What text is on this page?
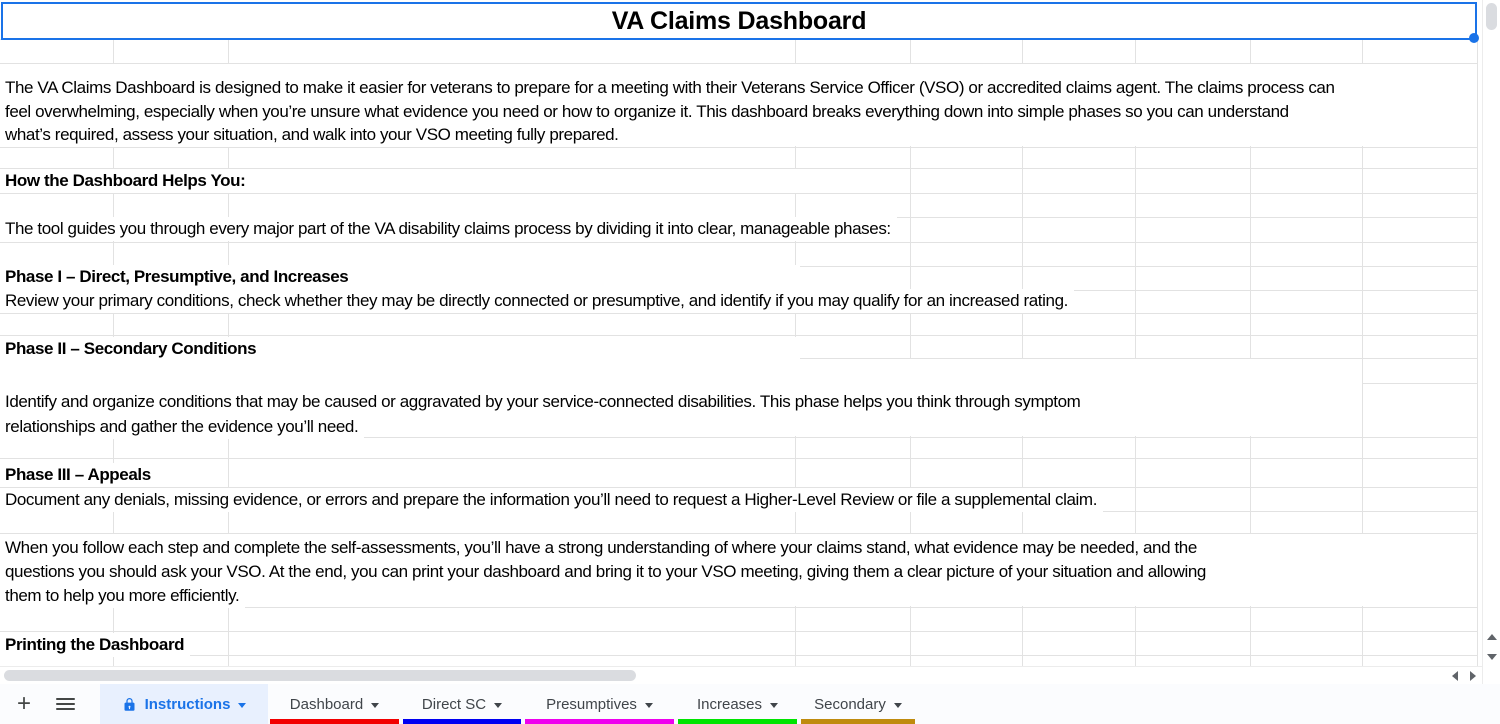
VA Claims Dashboard
The VA Claims Dashboard is designed to make it easier for veterans to prepare for a meeting with their Veterans Service Officer (VSO) or accredited claims agent. The claims process can
feel overwhelming, especially when you’re unsure what evidence you need or how to organize it. This dashboard breaks everything down into simple phases so you can understand
what’s required, assess your situation, and walk into your VSO meeting fully prepared.
How the Dashboard Helps You:
The tool guides you through every major part of the VA disability claims process by dividing it into clear, manageable phases:
Phase I – Direct, Presumptive, and Increases
Review your primary conditions, check whether they may be directly connected or presumptive, and identify if you may qualify for an increased rating.
Phase II – Secondary Conditions
Identify and organize conditions that may be caused or aggravated by your service-connected disabilities. This phase helps you think through symptom
relationships and gather the evidence you’ll need.
Phase III – Appeals
Document any denials, missing evidence, or errors and prepare the information you’ll need to request a Higher-Level Review or file a supplemental claim.
When you follow each step and complete the self-assessments, you’ll have a strong understanding of where your claims stand, what evidence may be needed, and the
questions you should ask your VSO. At the end, you can print your dashboard and bring it to your VSO meeting, giving them a clear picture of your situation and allowing
them to help you more efficiently.
Printing the Dashboard
+	Instructions	Dashboard	Direct SC	Presumptives	Increases	Secondary
